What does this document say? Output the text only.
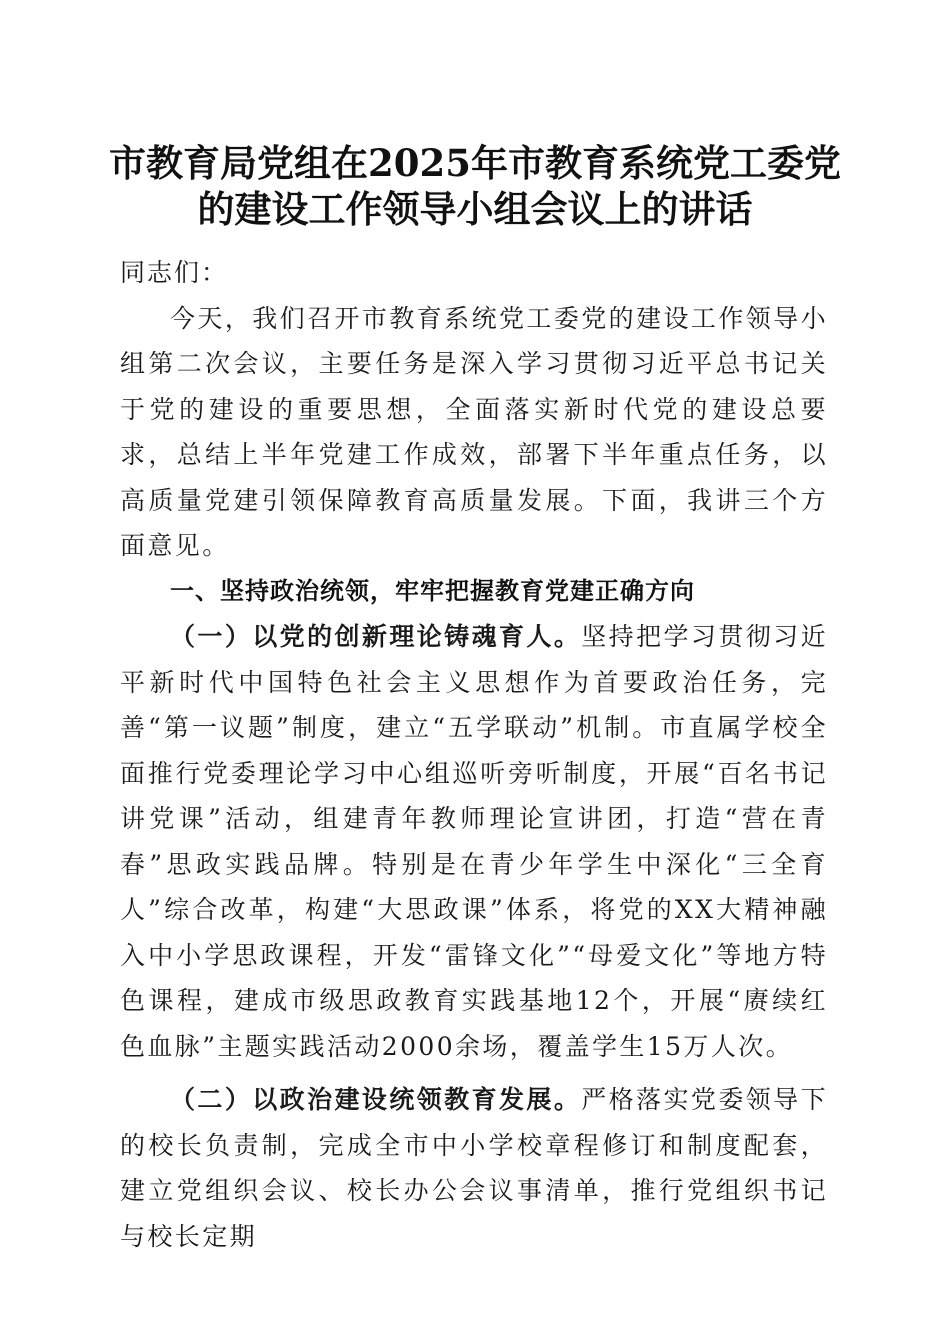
市教育局党组在2025年市教育系统党工委党
的建设工作领导小组会议上的讲话

同志们：

今天，我们召开市教育系统党工委党的建设工作领导小组第二次会议，主要任务是深入学习贯彻习近平总书记关于党的建设的重要思想，全面落实新时代党的建设总要求，总结上半年党建工作成效，部署下半年重点任务，以高质量党建引领保障教育高质量发展。下面，我讲三个方面意见。

一、坚持政治统领，牢牢把握教育党建正确方向

（一）以党的创新理论铸魂育人。坚持把学习贯彻习近平新时代中国特色社会主义思想作为首要政治任务，完善“第一议题”制度，建立“五学联动”机制。市直属学校全面推行党委理论学习中心组巡听旁听制度，开展“百名书记讲党课”活动，组建青年教师理论宣讲团，打造“营在青春”思政实践品牌。特别是在青少年学生中深化“三全育人”综合改革，构建“大思政课”体系，将党的XX大精神融入中小学思政课程，开发“雷锋文化”“母爱文化”等地方特色课程，建成市级思政教育实践基地12个，开展“赓续红色血脉”主题实践活动2000余场，覆盖学生15万人次。

（二）以政治建设统领教育发展。严格落实党委领导下的校长负责制，完成全市中小学校章程修订和制度配套，建立党组织会议、校长办公会议事清单，推行党组织书记与校长定期
